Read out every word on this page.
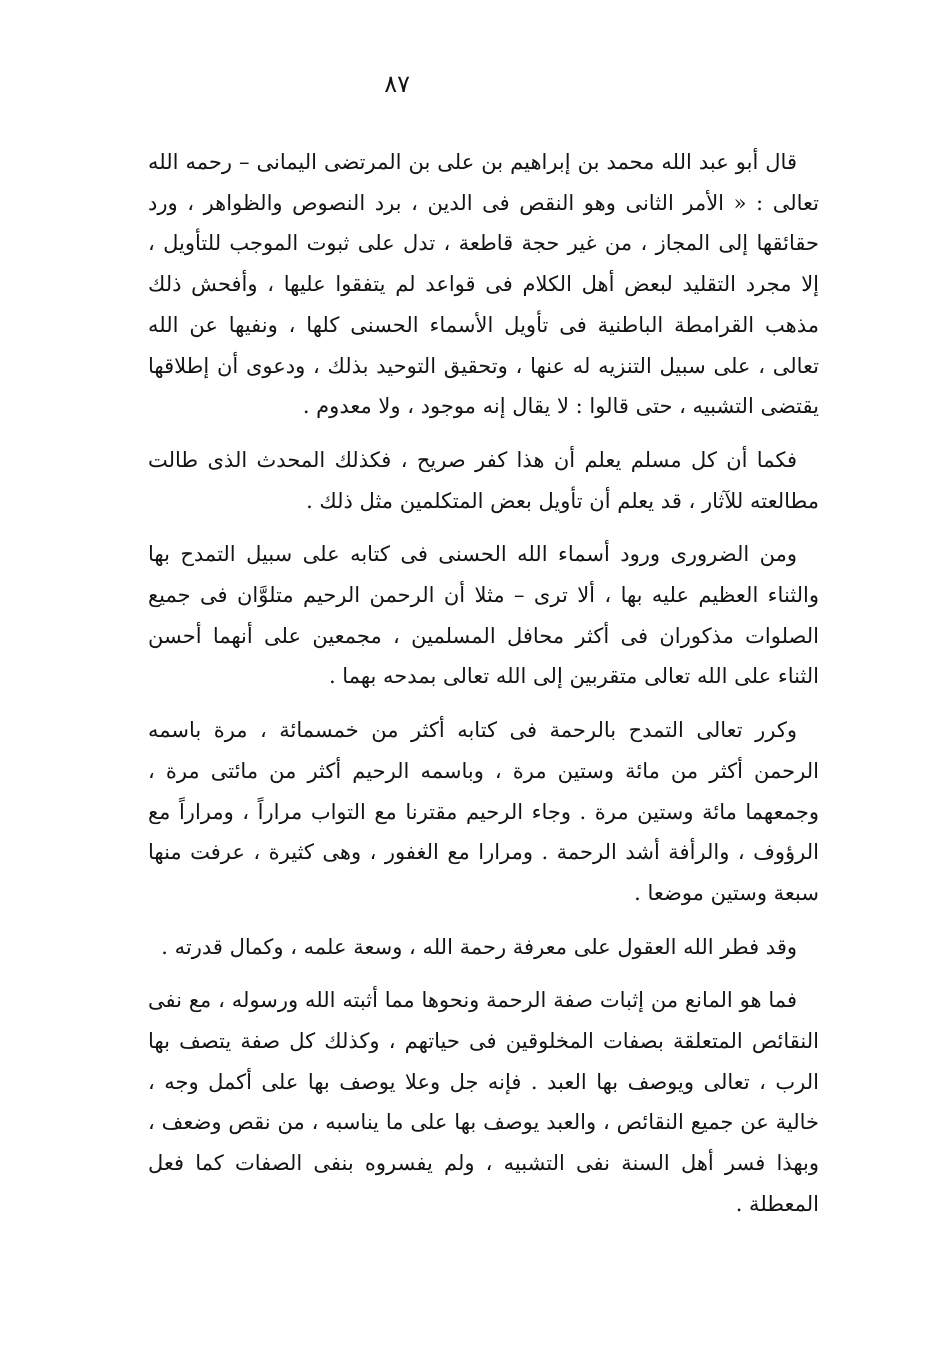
٨٧

قال أبو عبد الله محمد بن إبراهيم بن على بن المرتضى اليمانى – رحمه الله تعالى : « الأمر الثانى وهو النقص فى الدين ، برد النصوص والظواهر ، ورد حقائقها إلى المجاز ، من غير حجة قاطعة ، تدل على ثبوت الموجب للتأويل ، إلا مجرد التقليد لبعض أهل الكلام فى قواعد لم يتفقوا عليها ، وأفحش ذلك مذهب القرامطة الباطنية فى تأويل الأسماء الحسنى كلها ، ونفيها عن الله تعالى ، على سبيل التنزيه له عنها ، وتحقيق التوحيد بذلك ، ودعوى أن إطلاقها يقتضى التشبيه ، حتى قالوا : لا يقال إنه موجود ، ولا معدوم .

فكما أن كل مسلم يعلم أن هذا كفر صريح ، فكذلك المحدث الذى طالت مطالعته للآثار ، قد يعلم أن تأويل بعض المتكلمين مثل ذلك .

ومن الضرورى ورود أسماء الله الحسنى فى كتابه على سبيل التمدح بها والثناء العظيم عليه بها ، ألا ترى – مثلا أن الرحمن الرحيم متلوَّان فى جميع الصلوات مذكوران فى أكثر محافل المسلمين ، مجمعين على أنهما أحسن الثناء على الله تعالى متقربين إلى الله تعالى بمدحه بهما .

وكرر تعالى التمدح بالرحمة فى كتابه أكثر من خمسمائة ، مرة باسمه الرحمن أكثر من مائة وستين مرة ، وباسمه الرحيم أكثر من مائتى مرة ، وجمعهما مائة وستين مرة . وجاء الرحيم مقترنا مع التواب مراراً ، ومراراً مع الرؤوف ، والرأفة أشد الرحمة . ومرارا مع الغفور ، وهى كثيرة ، عرفت منها سبعة وستين موضعا .

وقد فطر الله العقول على معرفة رحمة الله ، وسعة علمه ، وكمال قدرته .

فما هو المانع من إثبات صفة الرحمة ونحوها مما أثبته الله ورسوله ، مع نفى النقائص المتعلقة بصفات المخلوقين فى حياتهم ، وكذلك كل صفة يتصف بها الرب ، تعالى ويوصف بها العبد . فإنه جل وعلا يوصف بها على أكمل وجه ، خالية عن جميع النقائص ، والعبد يوصف بها على ما يناسبه ، من نقص وضعف ، وبهذا فسر أهل السنة نفى التشبيه ، ولم يفسروه بنفى الصفات كما فعل المعطلة .
